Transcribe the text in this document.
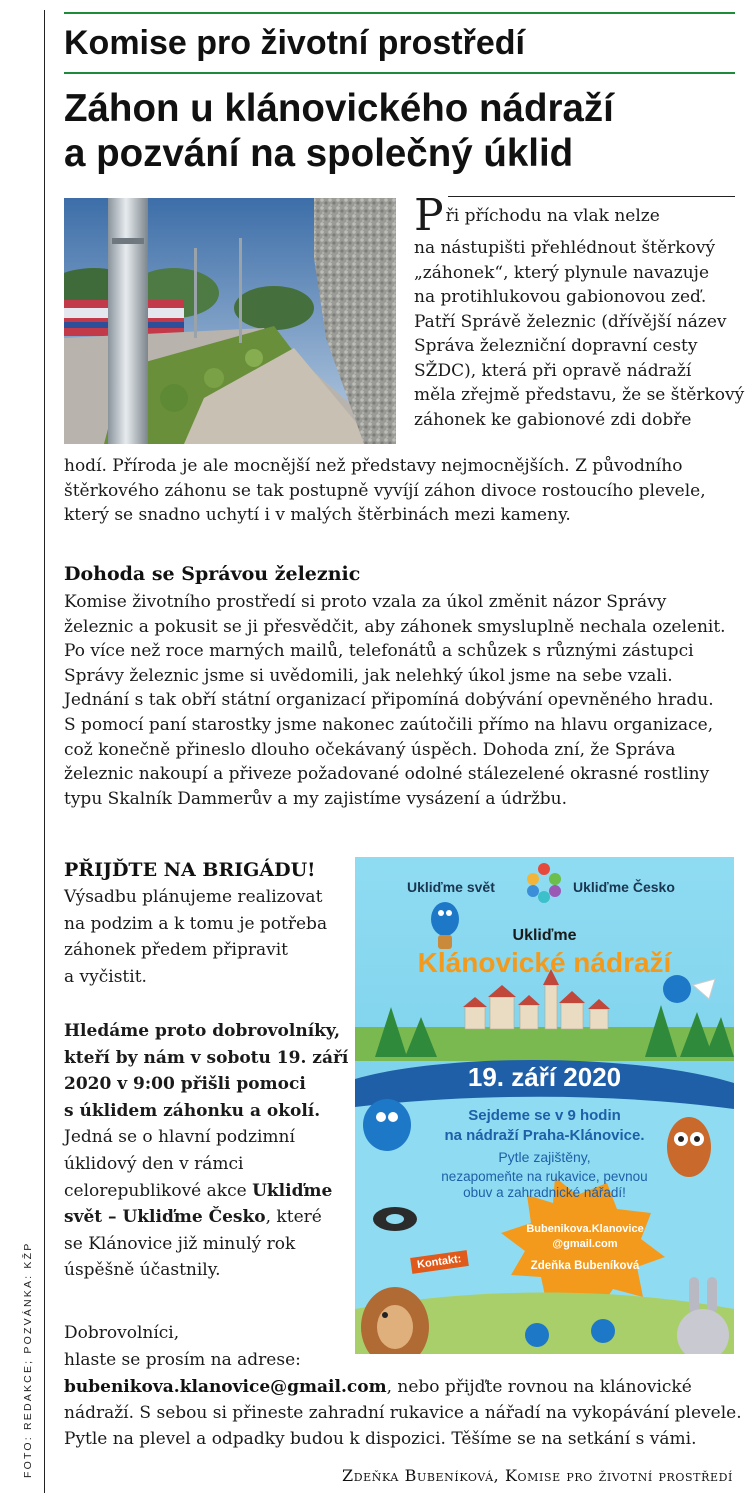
FOTO: REDAKCE; POZVÁNKA: KŽP
Komise pro životní prostředí
Záhon u klánovického nádraží
a pozvání na společný úklid
P ři příchodu na vlak nelze
na nástupišti přehlédnout štěrkový
„záhonek“, který plynule navazuje
na protihlukovou gabionovou zeď.
Patří Správě železnic (dřívější název
Správa železniční dopravní cesty
SŽDC), která při opravě nádraží
měla zřejmě představu, že se štěrkový
záhonek ke gabionové zdi dobře
hodí. Příroda je ale mocnější než představy nejmocnějších. Z původního
štěrkového záhonu se tak postupně vyvíjí záhon divoce rostoucího plevele,
který se snadno uchytí i v malých štěrbinách mezi kameny.
Dohoda se Správou železnic
Komise životního prostředí si proto vzala za úkol změnit názor Správy
železnic a pokusit se ji přesvědčit, aby záhonek smysluplně nechala ozelenit.
Po více než roce marných mailů, telefonátů a schůzek s různými zástupci
Správy železnic jsme si uvědomili, jak nelehký úkol jsme na sebe vzali.
Jednání s tak obří státní organizací připomíná dobývání opevněného hradu.
S pomocí paní starostky jsme nakonec zaútočili přímo na hlavu organizace,
což konečně přineslo dlouho očekávaný úspěch. Dohoda zní, že Správa
železnic nakoupí a přiveze požadované odolné stálezelené okrasné rostliny
typu Skalník Dammerův a my zajistíme vysázení a údržbu.
PŘIJĎTE NA BRIGÁDU!
Výsadbu plánujeme realizovat
na podzim a k tomu je potřeba
záhonek předem připravit
a vyčistit.
Hledáme proto dobrovolníky,
kteří by nám v sobotu 19. září
2020 v 9:00 přišli pomoci
s úklidem záhonku a okolí.
Jedná se o hlavní podzimní
úklidový den v rámci
celorepublikové akce Ukliďme
svět – Ukliďme Česko, které
se Klánovice již minulý rok
úspěšně účastnily.
Dobrovolníci,
hlaste se prosím na adrese:
bubenikova.klanovice@gmail.com, nebo přijďte rovnou na klánovické
nádraží. S sebou si přineste zahradní rukavice a nářadí na vykopávání plevele.
Pytle na plevel a odpadky budou k dispozici. Těšíme se na setkání s vámi.
Zdeňka Bubeníková, Komise pro životní prostředí
Ukliďme svět	Ukliďme Česko
Ukliďme
Klánovické nádraží
19. září 2020
Sejdeme se v 9 hodin
na nádraží Praha-Klánovice.
Pytle zajištěny,
nezapomeňte na rukavice, pevnou
obuv a zahradnické nářadí!
Kontakt:
Bubenikova.Klanovice
@gmail.com
Zdeňka Bubeníková
